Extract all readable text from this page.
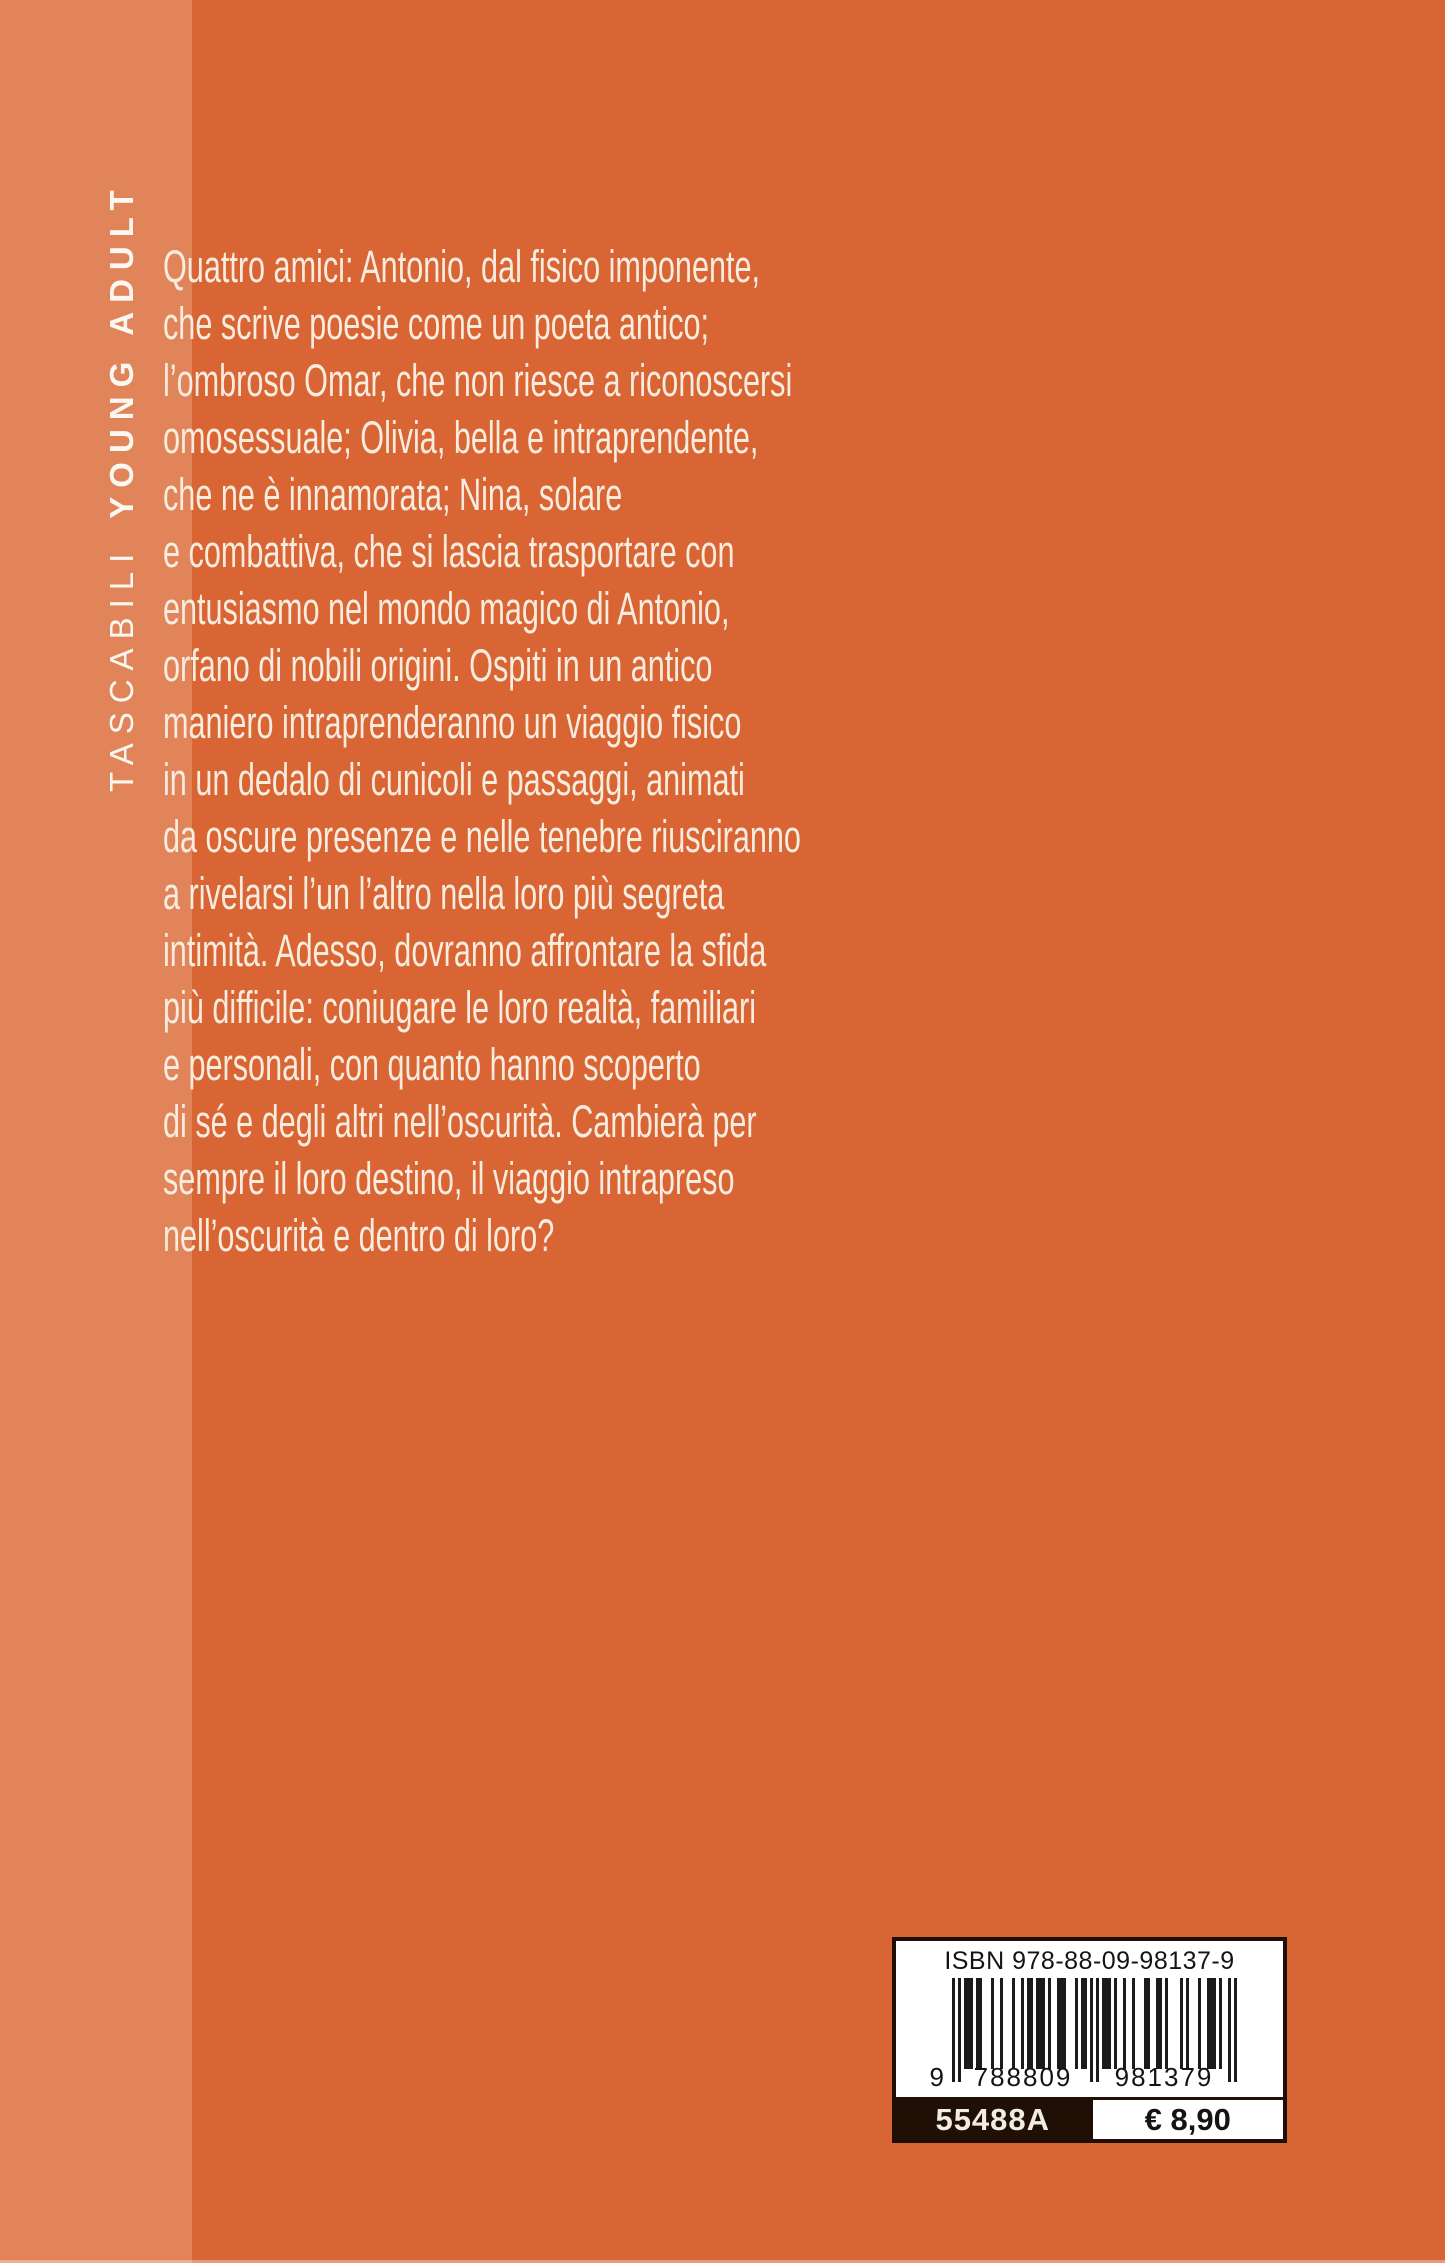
TASCABILIYOUNG ADULT Quattro amici: Antonio, dal fisico imponente,
che scrive poesie come un poeta antico;
l’ombroso Omar, che non riesce a riconoscersi
omosessuale; Olivia, bella e intraprendente,
che ne è innamorata; Nina, solare
e combattiva, che si lascia trasportare con
entusiasmo nel mondo magico di Antonio,
orfano di nobili origini. Ospiti in un antico
maniero intraprenderanno un viaggio fisico
in un dedalo di cunicoli e passaggi, animati
da oscure presenze e nelle tenebre riusciranno
a rivelarsi l’un l’altro nella loro più segreta
intimità. Adesso, dovranno affrontare la sfida
più difficile: coniugare le loro realtà, familiari
e personali, con quanto hanno scoperto
di sé e degli altri nell’oscurità. Cambierà per
sempre il loro destino, il viaggio intrapreso
nell’oscurità e dentro di loro?
ISBN 978-88-09-98137-9
9	788809	981379
55488A	€ 8,90
